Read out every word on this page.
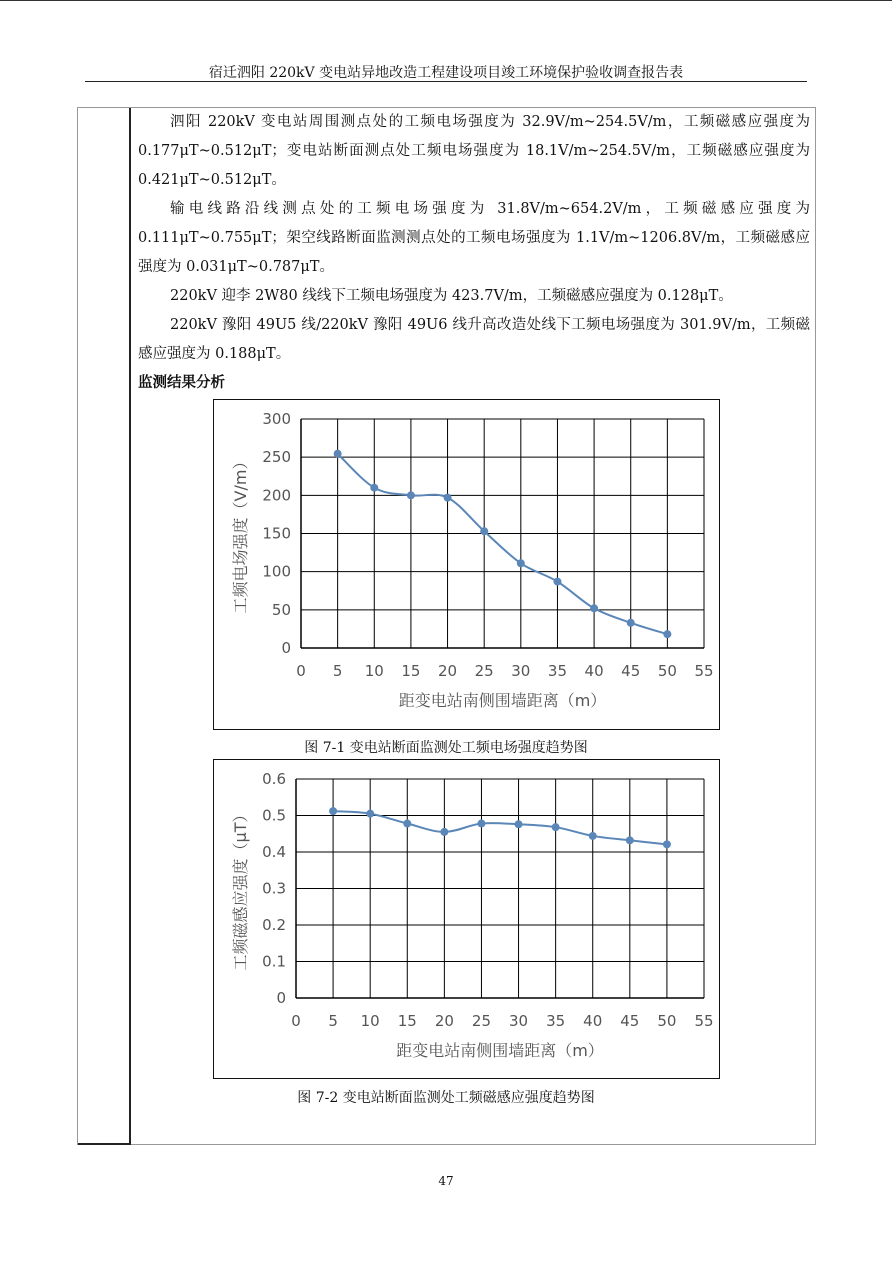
宿迁泗阳 220kV 变电站异地改造工程建设项目竣工环境保护验收调查报告表

泗阳 220kV 变电站周围测点处的工频电场强度为 32.9V/m~254.5V/m，工频磁感应强度为 0.177μT~0.512μT；变电站断面测点处工频电场强度为 18.1V/m~254.5V/m，工频磁感应强度为 0.421μT~0.512μT。

输电线路沿线测点处的工频电场强度为 31.8V/m~654.2V/m，工频磁感应强度为 0.111μT~0.755μT；架空线路断面监测测点处的工频电场强度为 1.1V/m~1206.8V/m，工频磁感应强度为 0.031μT~0.787μT。

220kV 迎李 2W80 线线下工频电场强度为 423.7V/m，工频磁感应强度为 0.128μT。

220kV 豫阳 49U5 线/220kV 豫阳 49U6 线升高改造处线下工频电场强度为 301.9V/m，工频磁感应强度为 0.188μT。

监测结果分析

0 5 10 15 20 25 30 35 40 45 50 55
0
50
100
150
200
250
300
距变电站南侧围墙距离（m）
工频电场强度（V/m）
图 7-1 变电站断面监测处工频电场强度趋势图
0 5 10 15 20 25 30 35 40 45 50 55
0
0.1
0.2
0.3
0.4
0.5
0.6
距变电站南侧围墙距离（m）
工频磁感应强度（μT）
图 7-2 变电站断面监测处工频磁感应强度趋势图
47
